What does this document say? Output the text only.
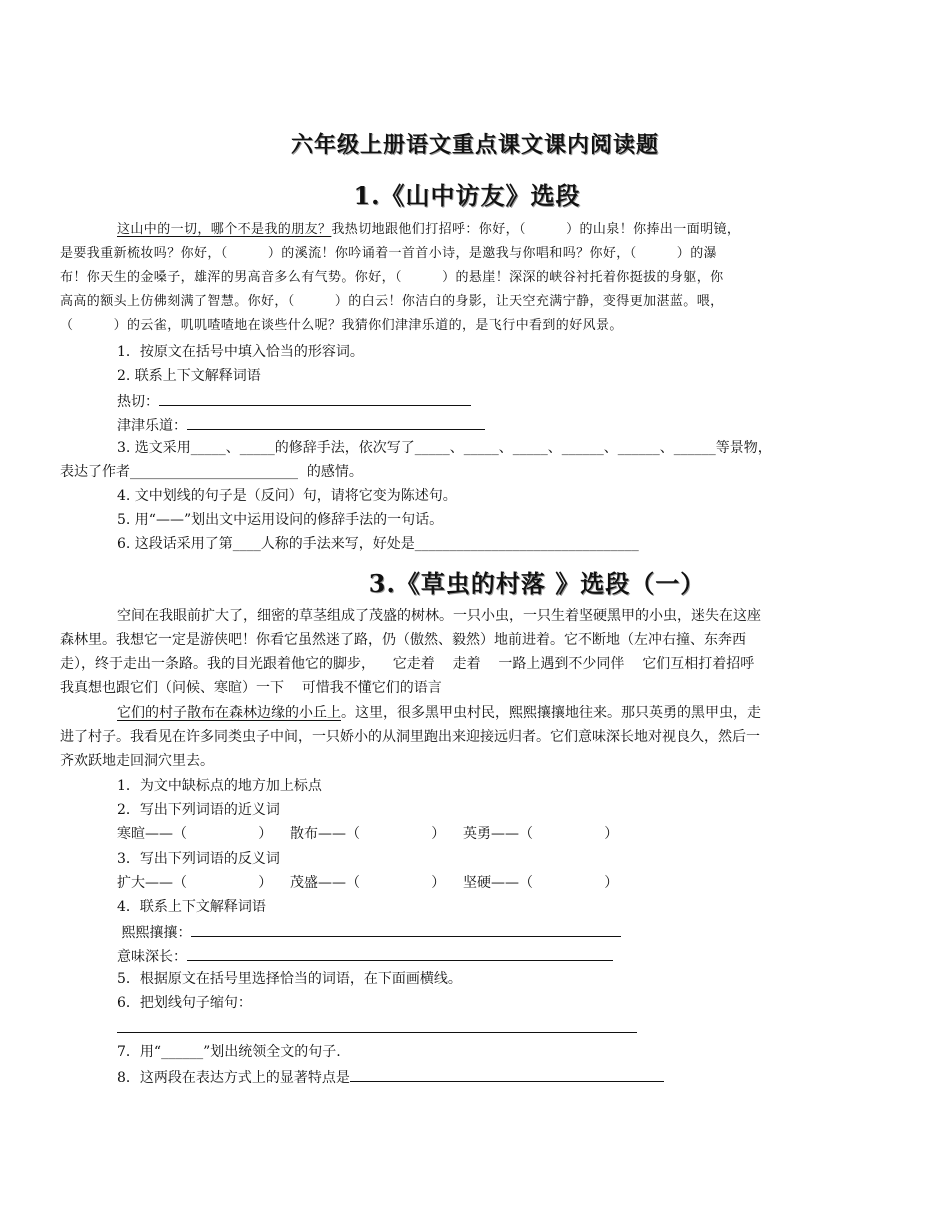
六年级上册语文重点课文课内阅读题
1.《山中访友》选段
这山中的一切，哪个不是我的朋友？我热切地跟他们打招呼：你好，（　　　）的山泉！你捧出一面明镜，
是要我重新梳妆吗？你好，（　　　）的溪流！你吟诵着一首首小诗，是邀我与你唱和吗？你好，（　　　）的瀑
布！你天生的金嗓子，雄浑的男高音多么有气势。你好，（　　　）的悬崖！深深的峡谷衬托着你挺拔的身躯，你
高高的额头上仿佛刻满了智慧。你好，（　　　）的白云！你洁白的身影，让天空充满宁静，变得更加湛蓝。喂，
（　　　）的云雀，叽叽喳喳地在谈些什么呢？我猜你们津津乐道的，是飞行中看到的好风景。
1．按原文在括号中填入恰当的形容词。
2. 联系上下文解释词语
热切：
津津乐道：
3. 选文采用_____、_____的修辞手法，依次写了_____、_____、_____、______、______、______等景物，
表达了作者________________________  的感情。
4. 文中划线的句子是（反问）句，请将它变为陈述句。
5. 用“——”划出文中运用设问的修辞手法的一句话。
6. 这段话采用了第____人称的手法来写，好处是________________________________
3.《草虫的村落 》选段（一）
空间在我眼前扩大了，细密的草茎组成了茂盛的树林。一只小虫，一只生着坚硬黑甲的小虫，迷失在这座
森林里。我想它一定是游侠吧！你看它虽然迷了路，仍（傲然、毅然）地前进着。它不断地（左冲右撞、东奔西
走），终于走出一条路。我的目光跟着他它的脚步，    它走着    走着    一路上遇到不少同伴    它们互相打着招呼
我真想也跟它们（问候、寒暄）一下    可惜我不懂它们的语言
它们的村子散布在森林边缘的小丘上。这里，很多黑甲虫村民，熙熙攘攘地往来。那只英勇的黑甲虫，走
进了村子。我看见在许多同类虫子中间，一只娇小的从洞里跑出来迎接远归者。它们意味深长地对视良久，然后一
齐欢跃地走回洞穴里去。
1．为文中缺标点的地方加上标点
2．写出下列词语的近义词
寒暄——（                ）    散布——（                ）    英勇——（                ）
3．写出下列词语的反义词
扩大——（                ）    茂盛——（                ）    坚硬——（                ）
4．联系上下文解释词语
熙熙攘攘：
意味深长：
5．根据原文在括号里选择恰当的词语，在下面画横线。
6．把划线句子缩句：
7．用“______”划出统领全文的句子.
8．这两段在表达方式上的显著特点是
